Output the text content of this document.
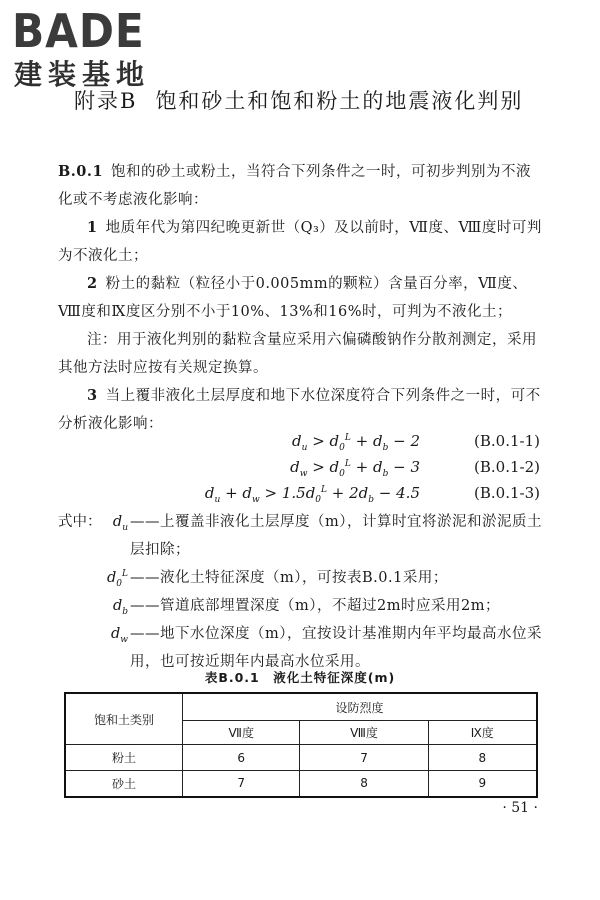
BADE
建装基地
附录B 饱和砂土和饱和粉土的地震液化判别
B.0.1 饱和的砂土或粉土，当符合下列条件之一时，可初步判别为不液化或不考虑液化影响：
1 地质年代为第四纪晚更新世（Q₃）及以前时，Ⅶ度、Ⅷ度时可判为不液化土；
2 粉土的黏粒（粒径小于0.005mm的颗粒）含量百分率，Ⅶ度、Ⅷ度和Ⅸ度区分别不小于10%、13%和16%时，可判为不液化土；
注：用于液化判别的黏粒含量应采用六偏磷酸钠作分散剂测定，采用其他方法时应按有关规定换算。
3 当上覆非液化土层厚度和地下水位深度符合下列条件之一时，可不分析液化影响：
$d_u > d_0^L + d_b - 2$	(B.0.1-1)
$d_w > d_0^L + d_b - 3$	(B.0.1-2)
$d_u + d_w > 1.5d_0^L + 2d_b - 4.5$	(B.0.1-3)
式中： $d_u$ ——上覆盖非液化土层厚度（m），计算时宜将淤泥和淤泥质土层扣除；
$d_0^L$ ——液化土特征深度（m），可按表B.0.1采用；
$d_b$ ——管道底部埋置深度（m），不超过2m时应采用2m；
$d_w$ ——地下水位深度（m），宜按设计基准期内年平均最高水位采用，也可按近期年内最高水位采用。
表B.0.1　液化土特征深度(m)
饱和土类别	设防烈度		
	Ⅶ度	Ⅷ度	Ⅸ度
粉土	6	7	8
砂土	7	8	9
· 51 ·
